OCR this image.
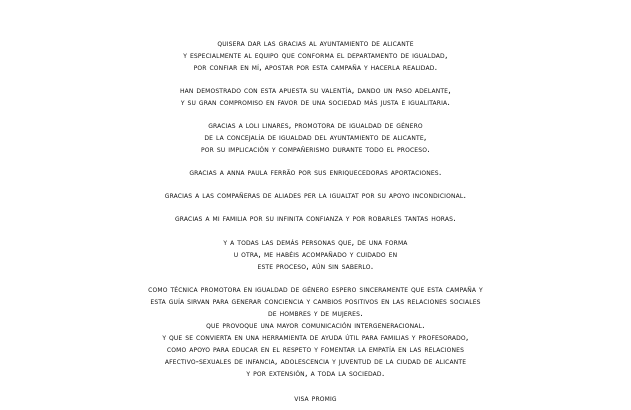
quisera dar las gracias al ayuntamiento de alicante
y especialmente al equipo que conforma el departamento de igualdad,
por confiar en mí, apostar por esta campaña y hacerla realidad.
han demostrado con esta apuesta su valentía, dando un paso adelante,
y su gran compromiso en favor de una sociedad más justa e igualitaria.
gracias a loli linares, promotora de igualdad de género
de la concejalía de igualdad del ayuntamiento de alicante,
por su implicación y compañerismo durante todo el proceso.
gracias a anna paula ferrão por sus enriquecedoras aportaciones.
gracias a las compañeras de aliades per la igualtat por su apoyo incondicional.
gracias a mi familia por su infinita confianza y por robarles tantas horas.
y a todas las demás personas que, de una forma
u otra, me habéis acompañado y cuidado en
este proceso, aún sin saberlo.
como técnica promotora en igualdad de género espero sinceramente que esta campaña y
esta guía sirvan para generar conciencia y cambios positivos en las relaciones sociales
de hombres y de mujeres.
que provoque una mayor comunicación intergeneracional.
y que se convierta en una herramienta de ayuda útil para familias y profesorado,
como apoyo para educar en el respeto y fomentar la empatía en las relaciones
afectivo-sexuales de infancia, adolescencia y juventud de la ciudad de alicante
y por extensión, a toda la sociedad.
visa promig
